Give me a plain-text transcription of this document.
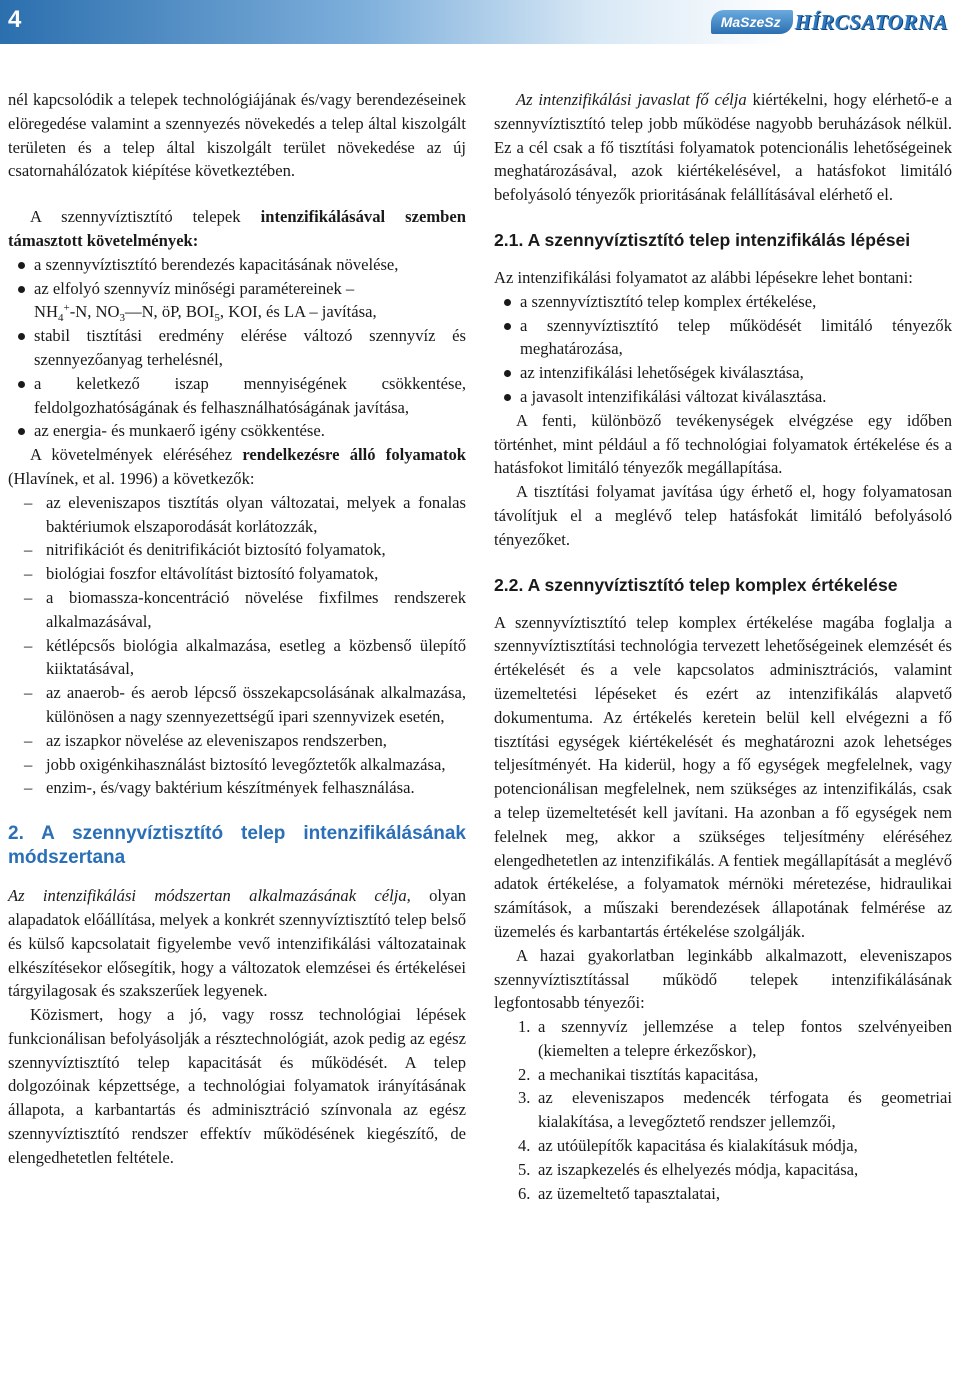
4	MaSzeSz HÍRCSATORNA

nél kapcsolódik a telepek technológiájának és/vagy berendezéseinek elöregedése valamint a szennyezés növekedés a telep által kiszolgált területen és a telep által kiszolgált terület növekedése az új csatornahálózatok kiépítése következtében.

A szennyvíztisztító telepek intenzifikálásával szemben támasztott követelmények:

a szennyvíztisztító berendezés kapacitásának növelése,
az elfolyó szennyvíz minőségi paramétereinek –
$NH_4^+-N$, $NO_3—N$, öP, $BOI_5$, KOI, és LA – javítása,
stabil tisztítási eredmény elérése változó szennyvíz és szennyezőanyag terhelésnél,
a keletkező iszap mennyiségének csökkentése, feldolgozhatóságának és felhasználhatóságának javítása,
az energia- és munkaerő igény csökkentése.

A követelmények eléréséhez rendelkezésre álló folyamatok (Hlavínek, et al. 1996) a következők:

– az eleveniszapos tisztítás olyan változatai, melyek a fonalas baktériumok elszaporodását korlátozzák,
– nitrifikációt és denitrifikációt biztosító folyamatok,
– biológiai foszfor eltávolítást biztosító folyamatok,
– a biomassza-koncentráció növelése fixfilmes rendszerek alkalmazásával,
– kétlépcsős biológia alkalmazása, esetleg a közbenső ülepítő kiiktatásával,
– az anaerob- és aerob lépcső összekapcsolásának alkalmazása, különösen a nagy szennyezettségű ipari szennyvizek esetén,
– az iszapkor növelése az eleveniszapos rendszerben,
– jobb oxigénkihasználást biztosító levegőztetők alkalmazása,
– enzim-, és/vagy baktérium készítmények felhasználása.

2. A szennyvíztisztító telep intenzifikálásának módszertana

Az intenzifikálási módszertan alkalmazásának célja, olyan alapadatok előállítása, melyek a konkrét szennyvíztisztító telep belső és külső kapcsolatait figyelembe vevő intenzifikálási változatainak elkészítésekor elősegítik, hogy a változatok elemzései és értékelései tárgyilagosak és szakszerűek legyenek.

Közismert, hogy a jó, vagy rossz technológiai lépések funkcionálisan befolyásolják a résztechnológiát, azok pedig az egész szennyvíztisztító telep kapacitását és működését. A telep dolgozóinak képzettsége, a technológiai folyamatok irányításának állapota, a karbantartás és adminisztráció színvonala az egész szennyvíztisztító rendszer effektív működésének kiegészítő, de elengedhetetlen feltétele.

Az intenzifikálási javaslat fő célja kiértékelni, hogy elérhető-e a szennyvíztisztító telep jobb működése nagyobb beruházások nélkül. Ez a cél csak a fő tisztítási folyamatok potencionális lehetőségeinek meghatározásával, azok kiértékelésével, a hatásfokot limitáló befolyásoló tényezők prioritásának felállításával elérhető el.

2.1. A szennyvíztisztító telep intenzifikálás lépései

Az intenzifikálási folyamatot az alábbi lépésekre lehet bontani:

a szennyvíztisztító telep komplex értékelése,
a szennyvíztisztító telep működését limitáló tényezők meghatározása,
az intenzifikálási lehetőségek kiválasztása,
a javasolt intenzifikálási változat kiválasztása.

A fenti, különböző tevékenységek elvégzése egy időben történhet, mint például a fő technológiai folyamatok értékelése és a hatásfokot limitáló tényezők megállapítása.

A tisztítási folyamat javítása úgy érhető el, hogy folyamatosan távolítjuk el a meglévő telep hatásfokát limitáló befolyásoló tényezőket.

2.2. A szennyvíztisztító telep komplex értékelése

A szennyvíztisztító telep komplex értékelése magába foglalja a szennyvíztisztítási technológia tervezett lehetőségeinek elemzését és értékelését és a vele kapcsolatos adminisztrációs, valamint üzemeltetési lépéseket és ezért az intenzifikálás alapvető dokumentuma. Az értékelés keretein belül kell elvégezni a fő tisztítási egységek kiértékelését és meghatározni azok lehetséges teljesítményét. Ha kiderül, hogy a fő egységek megfelelnek, vagy potencionálisan megfelelnek, nem szükséges az intenzifikálás, csak a telep üzemeltetését kell javítani. Ha azonban a fő egységek nem felelnek meg, akkor a szükséges teljesítmény eléréséhez elengedhetetlen az intenzifikálás. A fentiek megállapítását a meglévő adatok értékelése, a folyamatok mérnöki méretezése, hidraulikai számítások, a műszaki berendezések állapotának felmérése az üzemelés és karbantartás értékelése szolgálják.

A hazai gyakorlatban leginkább alkalmazott, eleveniszapos szennyvíztisztítással működő telepek intenzifikálásának legfontosabb tényezői:

1. a szennyvíz jellemzése a telep fontos szelvényeiben (kiemelten a telepre érkezőskor),
2. a mechanikai tisztítás kapacitása,
3. az eleveniszapos medencék térfogata és geometriai kialakítása, a levegőztető rendszer jellemzői,
4. az utóülepítők kapacitása és kialakításuk módja,
5. az iszapkezelés és elhelyezés módja, kapacitása,
6. az üzemeltető tapasztalatai,
